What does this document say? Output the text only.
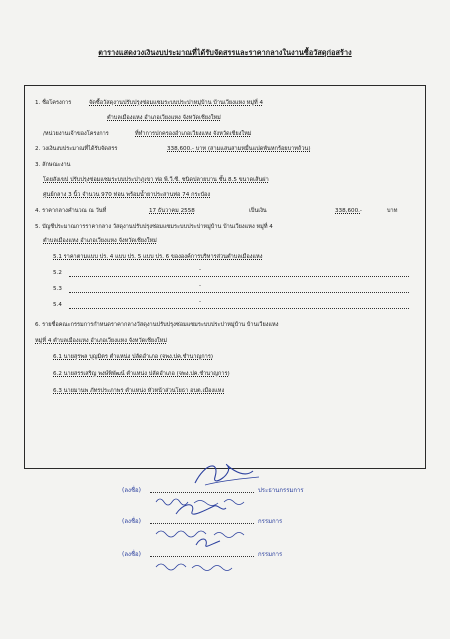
ตารางแสดงวงเงินงบประมาณที่ได้รับจัดสรรและราคากลางในงานซื้อวัสดุก่อสร้าง
1. ชื่อโครงการ	จัดซื้อวัสดุงานปรับปรุงซ่อมแซมระบบประปาหมู่บ้าน บ้านเวียงแหง หมู่ที่ 4
ตำบลเมืองแหง อำเภอเวียงแหง จังหวัดเชียงใหม่
/หน่วยงานเจ้าของโครงการ	ที่ทำการปกครองอำเภอเวียงแหง จังหวัดเชียงใหม่
2. วงเงินงบประมาณที่ได้รับจัดสรร	338,600.- บาท (สามแสนสามหมื่นแปดพันหกร้อยบาทถ้วน)
3. ลักษณะงาน
โดยสังเขป ปรับปรุงซ่อมแซมระบบประปาภูเขา ท่อ พี.วี.ซี. ชนิดปลายบาน ชั้น 8.5 ขนาดเส้นผ่า
ศูนย์กลาง 3 นิ้ว จำนวน 970 ท่อน พร้อมน้ำยาประสานท่อ 74 กระป๋อง
4. ราคากลางคำนวณ ณ วันที่	17 ธันวาคม 2558	เป็นเงิน	338,600.-	บาท
5. บัญชีประมาณการราคากลาง วัสดุงานปรับปรุงซ่อมแซมระบบประปาหมู่บ้าน บ้านเวียงแหง หมู่ที่ 4
ตำบลเมืองแหง อำเภอเวียงแหง จังหวัดเชียงใหม่
5.1 ราคาตามแบบ ปร. 4 แบบ ปร. 5 แบบ ปร. 6 ขององค์การบริหารส่วนตำบลเมืองแหง
5.2	-
5.3	-
5.4	-
6. รายชื่อคณะกรรมการกำหนดราคากลางวัสดุงานปรับปรุงซ่อมแซมระบบประปาหมู่บ้าน บ้านเวียงแหง
หมู่ที่ 4 ตำบลเมืองแหง อำเภอเวียงแหง จังหวัดเชียงใหม่
6.1 นายสุรพล บุญมิตร ตำแหน่ง ปลัดอำเภอ (จพง.ปค.ชำนาญการ)
6.2 นายสรรเสริญ พงษ์พิพัฒน์ ตำแหน่ง ปลัดอำเภอ (จพง.ปค.ชำนาญการ)
6.3 นายมานพ ภัทรประภาพร ตำแหน่ง หัวหน้าส่วนโยธา อบต.เมืองแหง
(ลงชื่อ)	ประธานกรรมการ
(ลงชื่อ)	กรรมการ
(ลงชื่อ)	กรรมการ
